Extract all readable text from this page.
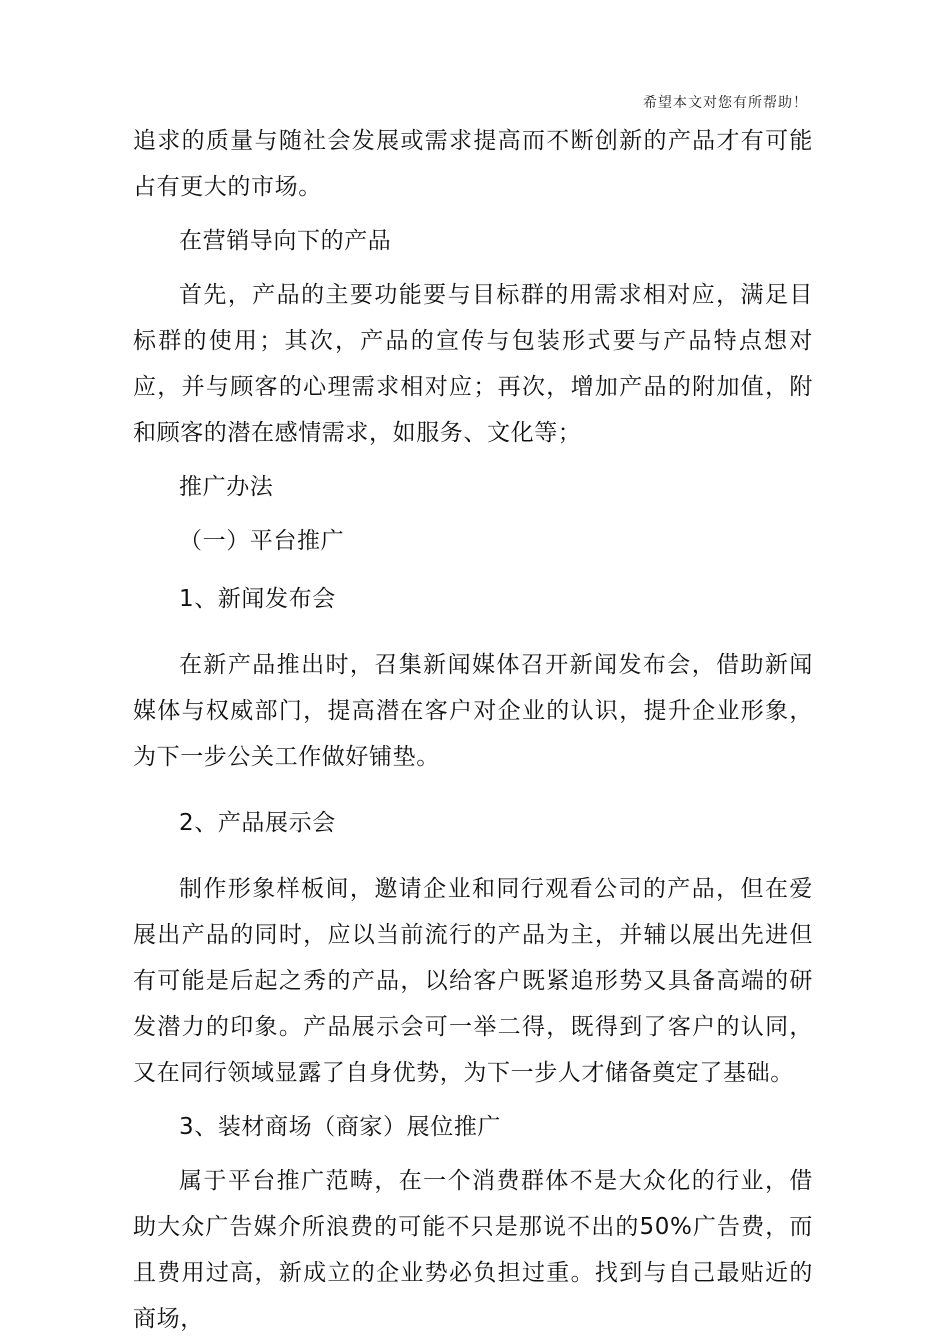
希望本文对您有所帮助！

追求的质量与随社会发展或需求提高而不断创新的产品才有可能占有更大的市场。

在营销导向下的产品

首先，产品的主要功能要与目标群的用需求相对应，满足目标群的使用；其次，产品的宣传与包装形式要与产品特点想对应，并与顾客的心理需求相对应；再次，增加产品的附加值，附和顾客的潜在感情需求，如服务、文化等；

推广办法

（一）平台推广

1、新闻发布会

在新产品推出时，召集新闻媒体召开新闻发布会，借助新闻媒体与权威部门，提高潜在客户对企业的认识，提升企业形象，为下一步公关工作做好铺垫。

2、产品展示会

制作形象样板间，邀请企业和同行观看公司的产品，但在爱展出产品的同时，应以当前流行的产品为主，并辅以展出先进但有可能是后起之秀的产品，以给客户既紧追形势又具备高端的研发潜力的印象。产品展示会可一举二得，既得到了客户的认同，又在同行领域显露了自身优势，为下一步人才储备奠定了基础。

3、装材商场（商家）展位推广

属于平台推广范畴，在一个消费群体不是大众化的行业，借助大众广告媒介所浪费的可能不只是那说不出的50%广告费，而且费用过高，新成立的企业势必负担过重。找到与自己最贴近的商场，
